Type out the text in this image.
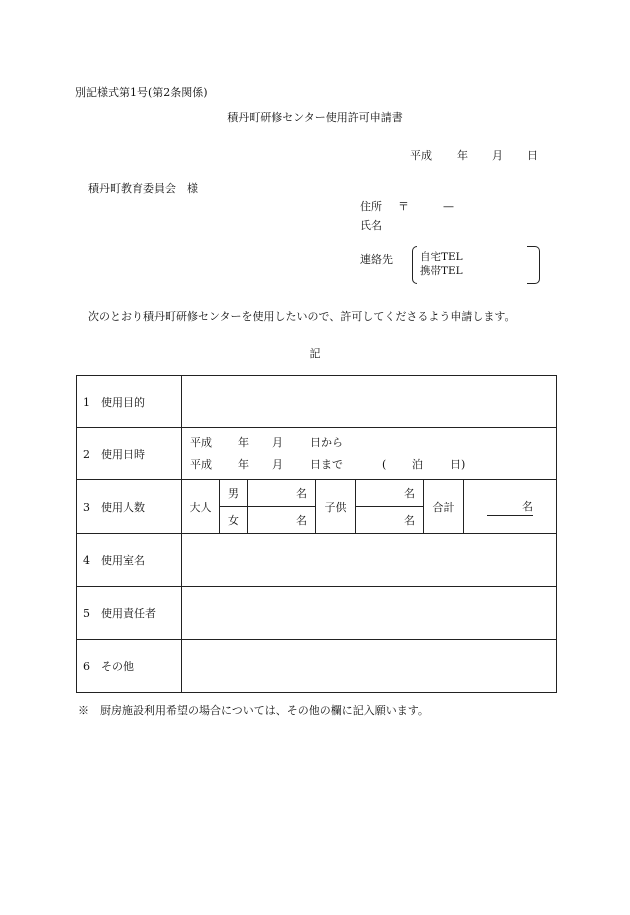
別記様式第1号(第2条関係)
積丹町研修センター使用許可申請書
平成 年 月 日
積丹町教育委員会　様
住所 〒	—
氏名
連絡先	自宅TEL
携帯TEL
次のとおり積丹町研修センターを使用したいので、許可してくださるよう申請します。
記
1 使用目的							
2 使用日時	平成 年 月 日から
平成 年 月 日まで ( 泊 日)						

3 使用人数	大人	男	名	子供	名	合計	名
		女	名		名		
4 使用室名							
5 使用責任者							
6 その他							
※　厨房施設利用希望の場合については、その他の欄に記入願います。
